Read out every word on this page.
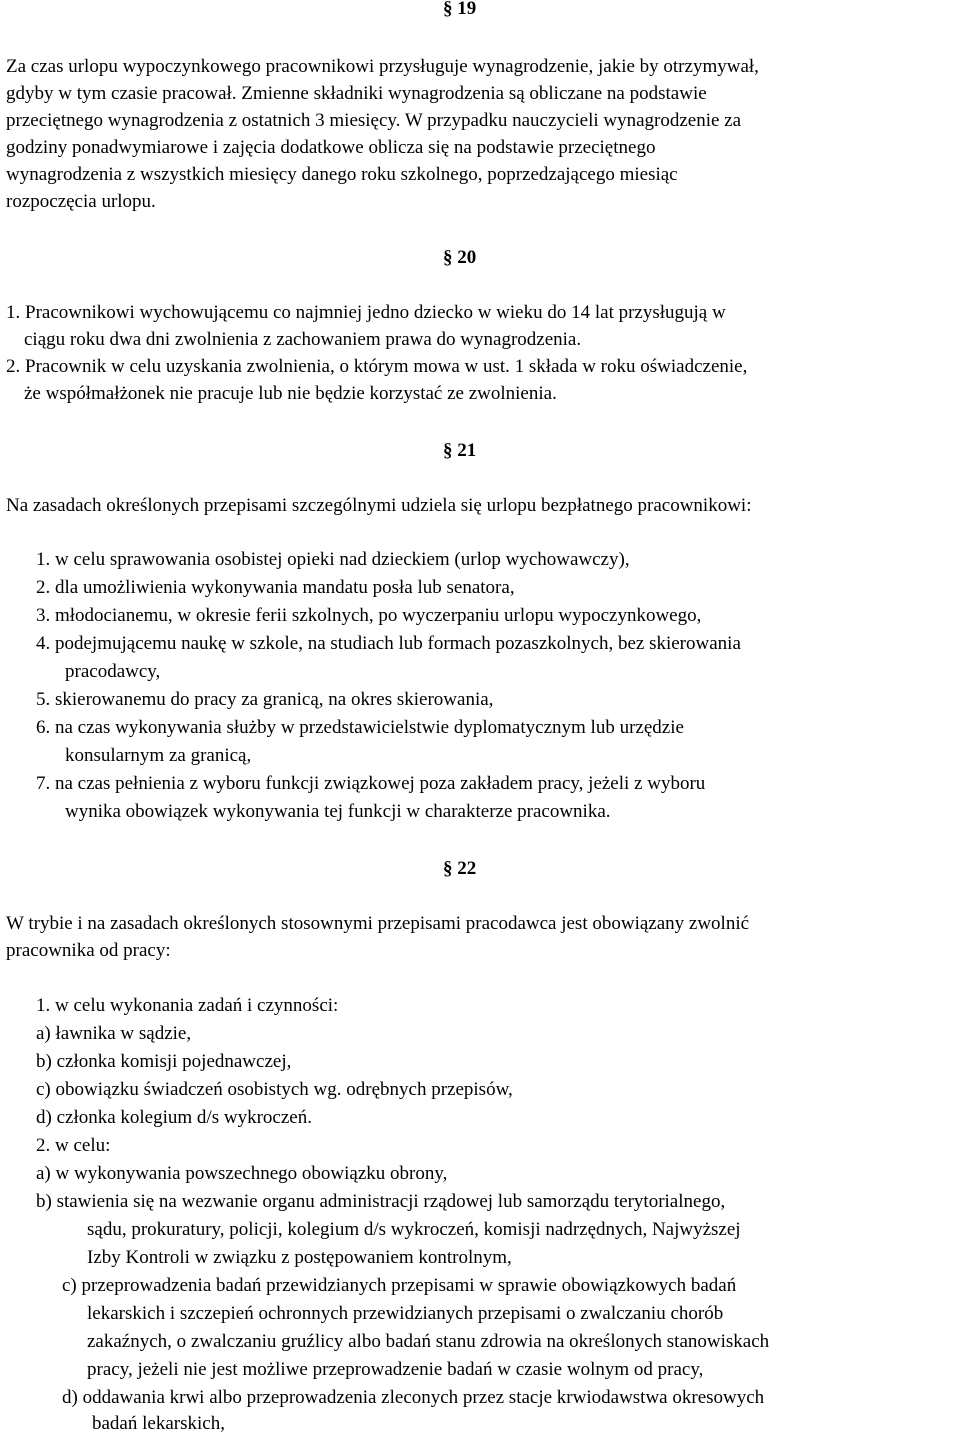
§ 19
Za czas urlopu wypoczynkowego pracownikowi przysługuje wynagrodzenie, jakie by otrzymywał,
gdyby w tym czasie pracował. Zmienne składniki wynagrodzenia są obliczane na podstawie
przeciętnego wynagrodzenia z ostatnich 3 miesięcy. W przypadku nauczycieli wynagrodzenie za
godziny ponadwymiarowe i zajęcia dodatkowe oblicza się na podstawie przeciętnego
wynagrodzenia z wszystkich miesięcy danego roku szkolnego, poprzedzającego miesiąc
rozpoczęcia urlopu.
§ 20
1. Pracownikowi wychowującemu co najmniej jedno dziecko w wieku do 14 lat przysługują w
ciągu roku dwa dni zwolnienia z zachowaniem prawa do wynagrodzenia.
2. Pracownik w celu uzyskania zwolnienia, o którym mowa w ust. 1 składa w roku oświadczenie,
że współmałżonek nie pracuje lub nie będzie korzystać ze zwolnienia.
§ 21
Na zasadach określonych przepisami szczególnymi udziela się urlopu bezpłatnego pracownikowi:
1. w celu sprawowania osobistej opieki nad dzieckiem (urlop wychowawczy),
2. dla umożliwienia wykonywania mandatu posła lub senatora,
3. młodocianemu, w okresie ferii szkolnych, po wyczerpaniu urlopu wypoczynkowego,
4. podejmującemu naukę w szkole, na studiach lub formach pozaszkolnych, bez skierowania
pracodawcy,
5. skierowanemu do pracy za granicą, na okres skierowania,
6. na czas wykonywania służby w przedstawicielstwie dyplomatycznym lub urzędzie
konsularnym za granicą,
7. na czas pełnienia z wyboru funkcji związkowej poza zakładem pracy, jeżeli z wyboru
wynika obowiązek wykonywania tej funkcji w charakterze pracownika.
§ 22
W trybie i na zasadach określonych stosownymi przepisami pracodawca jest obowiązany zwolnić
pracownika od pracy:
1. w celu wykonania zadań i czynności:
a) ławnika w sądzie,
b) członka komisji pojednawczej,
c) obowiązku świadczeń osobistych wg. odrębnych przepisów,
d) członka kolegium d/s wykroczeń.
2. w celu:
a) w wykonywania powszechnego obowiązku obrony,
b) stawienia się na wezwanie organu administracji rządowej lub samorządu terytorialnego,
sądu, prokuratury, policji, kolegium d/s wykroczeń, komisji nadrzędnych, Najwyższej
Izby Kontroli w związku z postępowaniem kontrolnym,
c) przeprowadzenia badań przewidzianych przepisami w sprawie obowiązkowych badań
lekarskich i szczepień ochronnych przewidzianych przepisami o zwalczaniu chorób
zakaźnych, o zwalczaniu gruźlicy albo badań stanu zdrowia na określonych stanowiskach
pracy, jeżeli nie jest możliwe przeprowadzenie badań w czasie wolnym od pracy,
d) oddawania krwi albo przeprowadzenia zleconych przez stacje krwiodawstwa okresowych
badań lekarskich,
